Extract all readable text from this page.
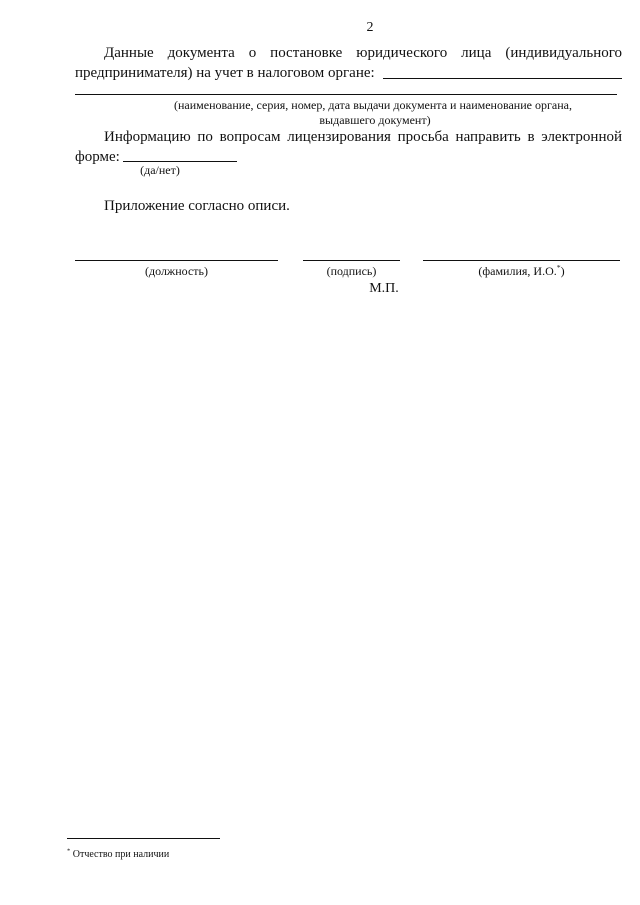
2
Данные документа о постановке юридического лица (индивидуального
предпринимателя) на учет в налоговом органе:
(наименование, серия, номер, дата выдачи документа и наименование органа,
выдавшего документ)
Информацию по вопросам лицензирования просьба направить в электронной
форме:
(да/нет)
Приложение согласно описи.
(должность)	(подпись)	(фамилия, И.О.*)
М.П.
* Отчество при наличии
